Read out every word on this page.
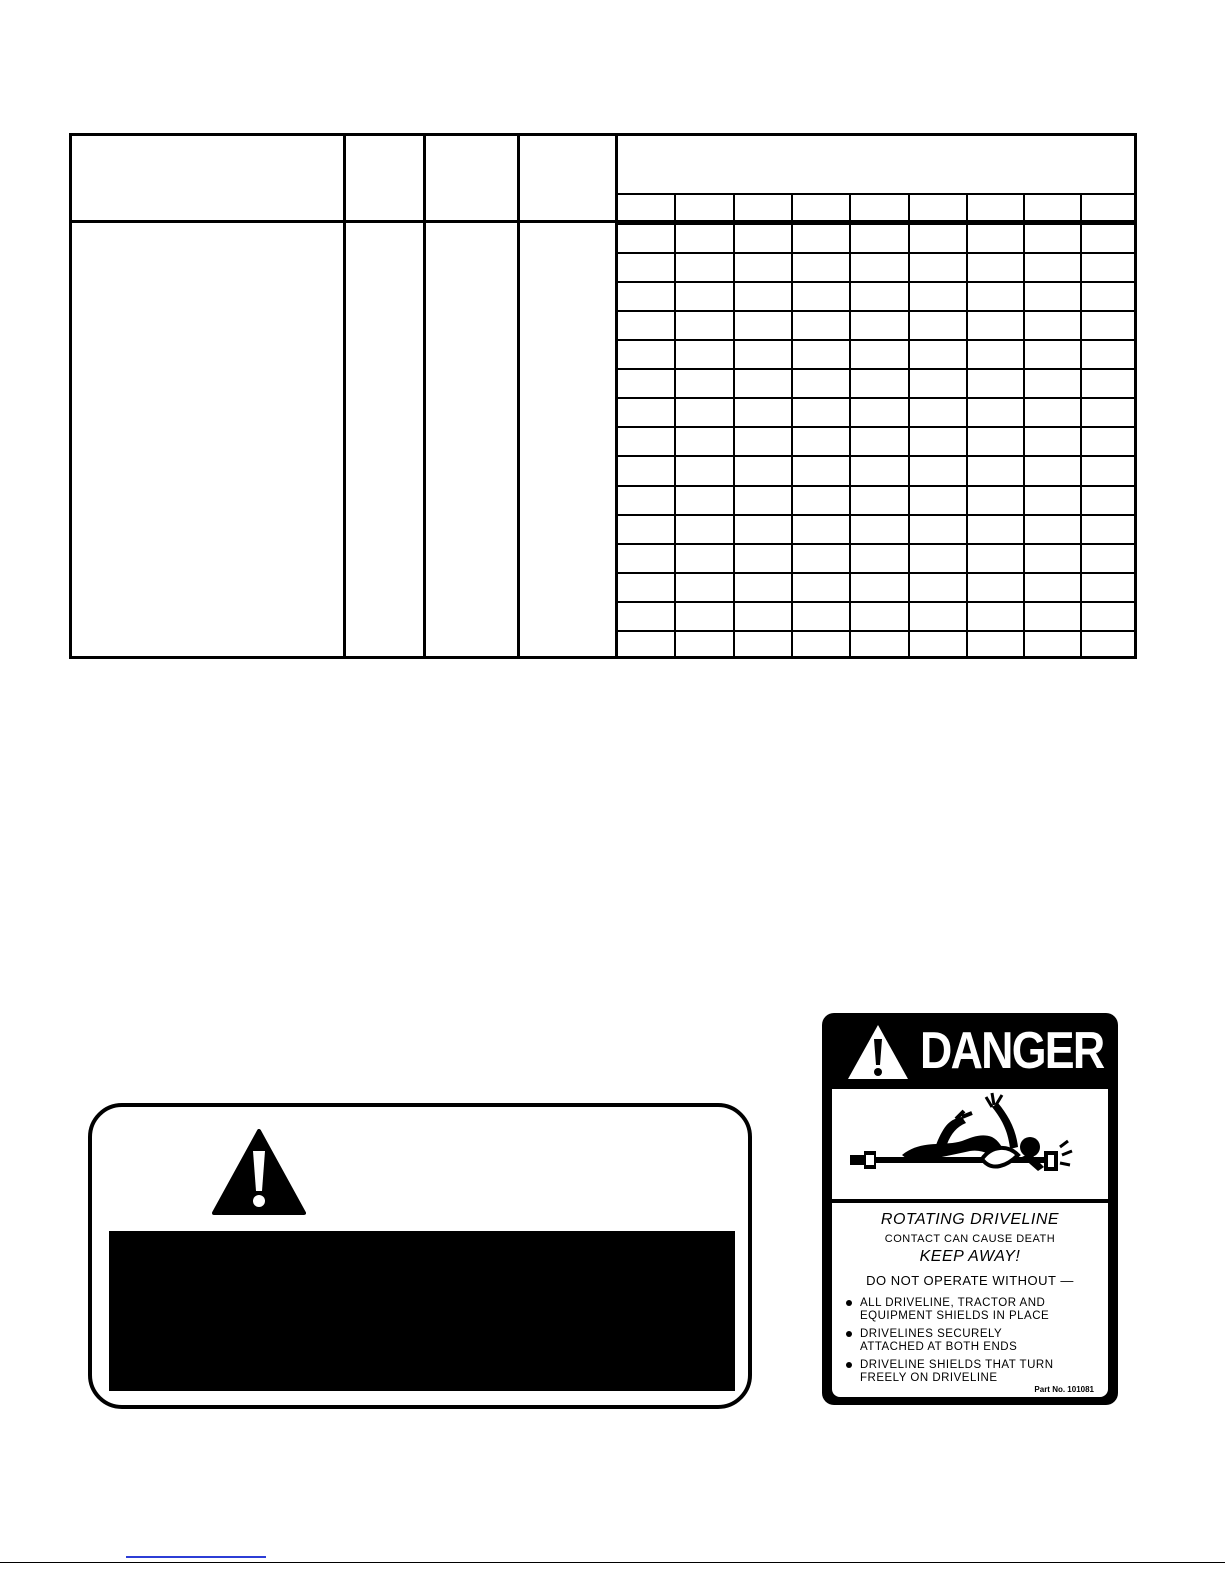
DANGER
ROTATING DRIVELINE
CONTACT CAN CAUSE DEATH
KEEP AWAY!
DO NOT OPERATE WITHOUT —
ALL DRIVELINE, TRACTOR AND
EQUIPMENT SHIELDS IN PLACE
DRIVELINES SECURELY
ATTACHED AT BOTH ENDS
DRIVELINE SHIELDS THAT TURN
FREELY ON DRIVELINE
Part No. 101081
